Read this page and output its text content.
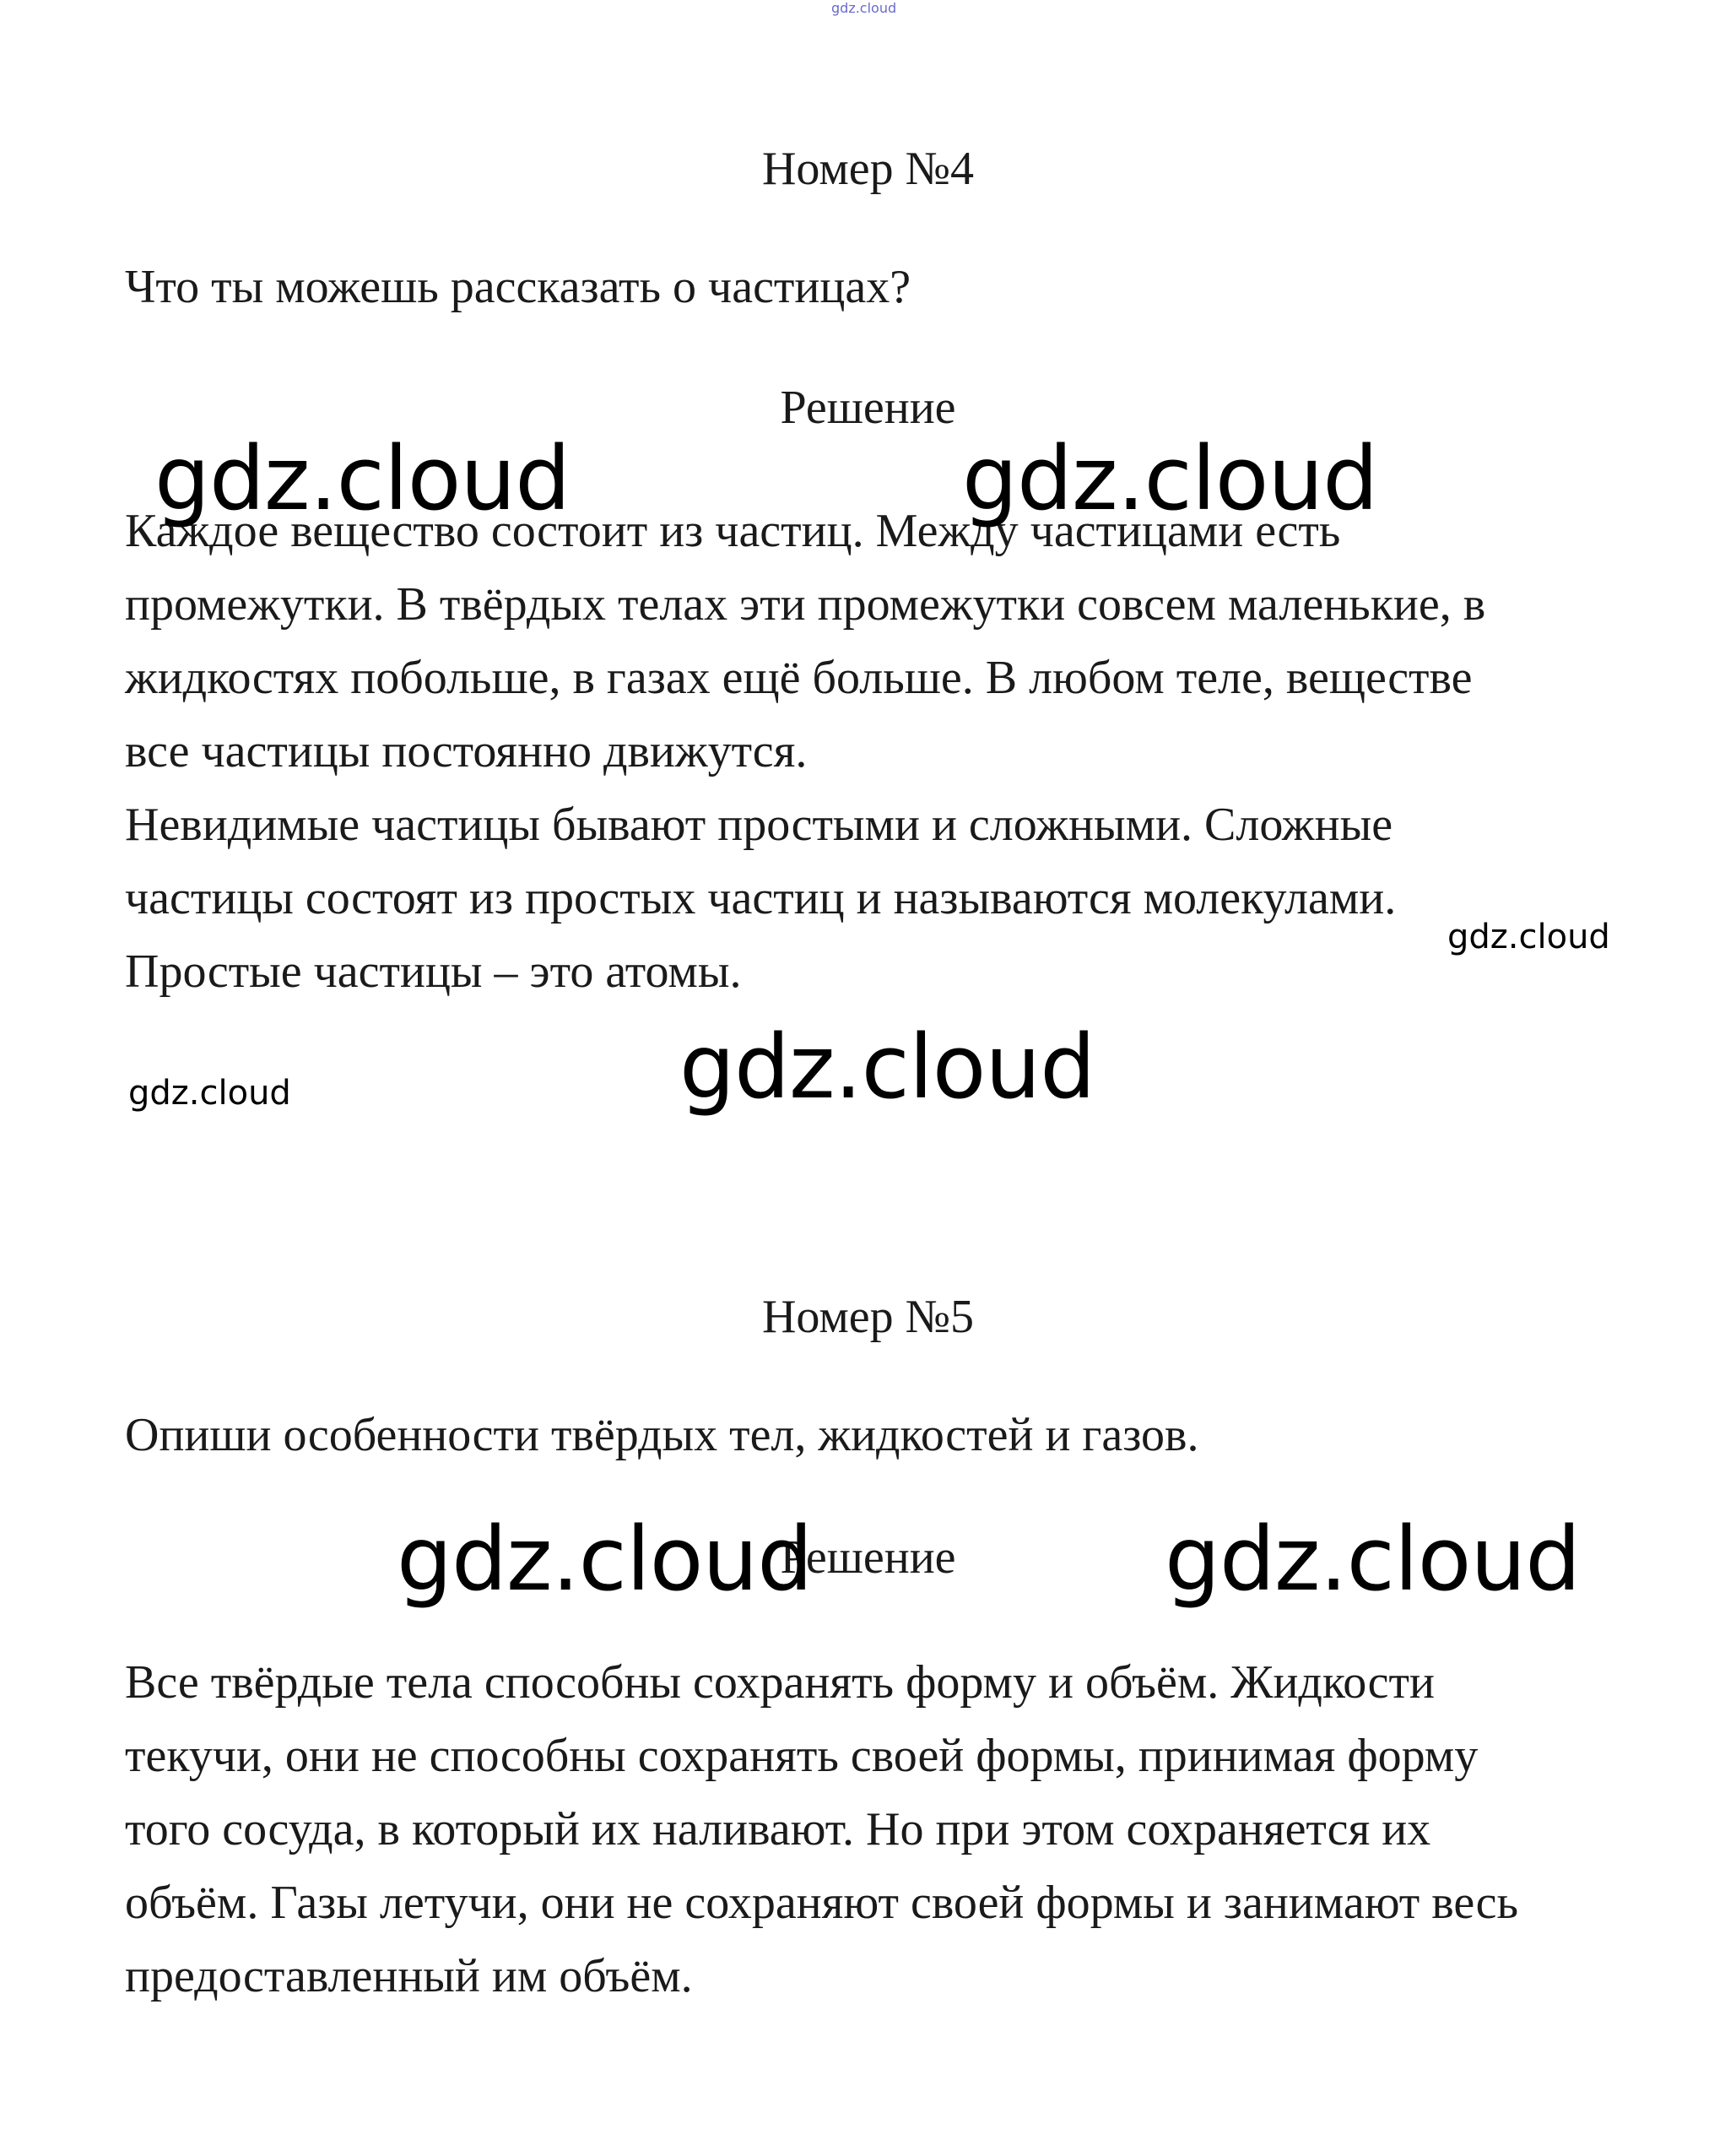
gdz.cloud
Номер №4
Что ты можешь рассказать о частицах?
Решение
Каждое вещество состоит из частиц. Между частицами есть
промежутки. В твёрдых телах эти промежутки совсем маленькие, в
жидкостях побольше, в газах ещё больше. В любом теле, веществе
все частицы постоянно движутся.
Невидимые частицы бывают простыми и сложными. Сложные
частицы состоят из простых частиц и называются молекулами.
Простые частицы – это атомы.
gdz.cloud	gdz.cloud
gdz.cloud
gdz.cloud
gdz.cloud
Номер №5
Опиши особенности твёрдых тел, жидкостей и газов.
Решение
Все твёрдые тела способны сохранять форму и объём. Жидкости
текучи, они не способны сохранять своей формы, принимая форму
того сосуда, в который их наливают. Но при этом сохраняется их
объём. Газы летучи, они не сохраняют своей формы и занимают весь
предоставленный им объём.
gdz.cloud	gdz.cloud
